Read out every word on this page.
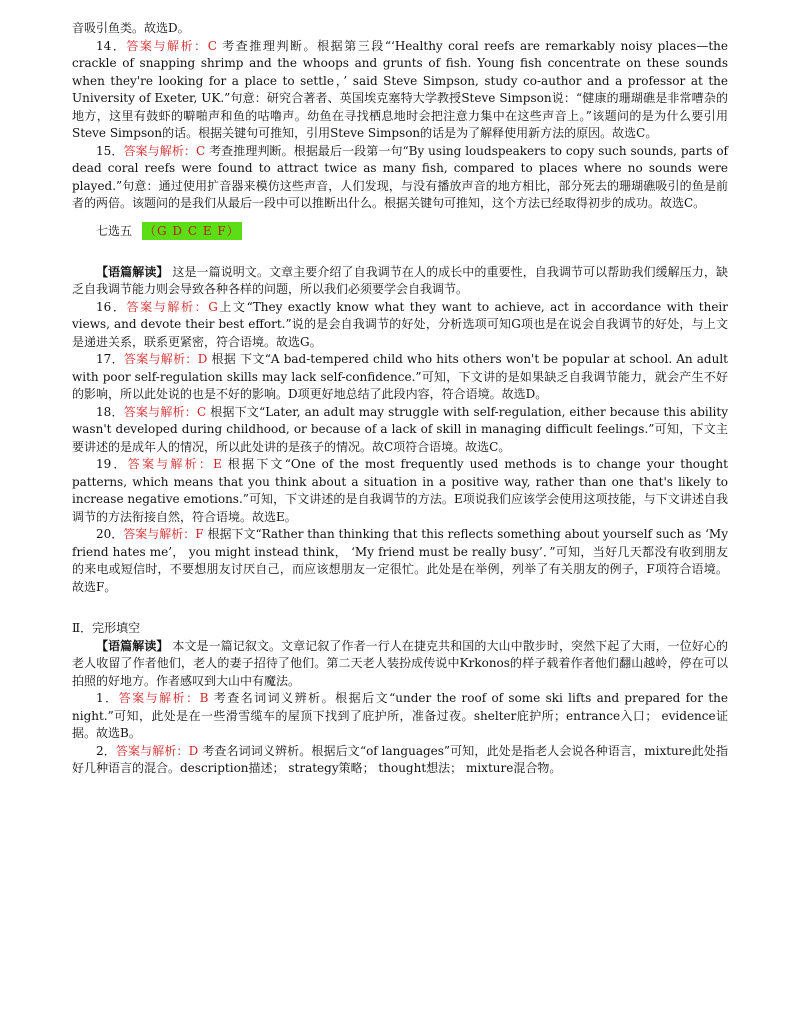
音吸引鱼类。故选D。

14．答案与解析：C 考查推理判断。根据第三段“‘Healthy coral reefs are remarkably noisy places—the crackle of snapping shrimp and the whoops and grunts of fish. Young fish concentrate on these sounds when they're looking for a place to settle，’ said Steve Simpson, study co-author and a professor at the University of Exeter, UK.”句意：研究合著者、英国埃克塞特大学教授Steve Simpson说：“健康的珊瑚礁是非常嘈杂的地方，这里有鼓虾的噼啪声和鱼的咕噜声。幼鱼在寻找栖息地时会把注意力集中在这些声音上。”该题问的是为什么要引用Steve Simpson的话。根据关键句可推知，引用Steve Simpson的话是为了解释使用新方法的原因。故选C。

15．答案与解析：C 考查推理判断。根据最后一段第一句“By using loudspeakers to copy such sounds, parts of dead coral reefs were found to attract twice as many fish, compared to places where no sounds were played.”句意：通过使用扩音器来模仿这些声音，人们发现，与没有播放声音的地方相比，部分死去的珊瑚礁吸引的鱼是前者的两倍。该题问的是我们从最后一段中可以推断出什么。根据关键句可推知，这个方法已经取得初步的成功。故选C。

七选五 （G D C E F）

【语篇解读】 这是一篇说明文。文章主要介绍了自我调节在人的成长中的重要性，自我调节可以帮助我们缓解压力，缺乏自我调节能力则会导致各种各样的问题，所以我们必须要学会自我调节。

16．答案与解析：G上文“They exactly know what they want to achieve, act in accordance with their views, and devote their best effort.”说的是会自我调节的好处，分析选项可知G项也是在说会自我调节的好处，与上文是递进关系，联系更紧密，符合语境。故选G。

17．答案与解析：D 根据 下文“A bad-tempered child who hits others won't be popular at school. An adult with poor self-regulation skills may lack self-confidence.”可知，下文讲的是如果缺乏自我调节能力，就会产生不好的影响，所以此处说的也是不好的影响。D项更好地总结了此段内容，符合语境。故选D。

18．答案与解析：C 根据下文“Later, an adult may struggle with self-regulation, either because this ability wasn't developed during childhood, or because of a lack of skill in managing difficult feelings.”可知，下文主要讲述的是成年人的情况，所以此处讲的是孩子的情况。故C项符合语境。故选C。

19．答案与解析：E 根据下文“One of the most frequently used methods is to change your thought patterns, which means that you think about a situation in a positive way, rather than one that's likely to increase negative emotions.”可知，下文讲述的是自我调节的方法。E项说我们应该学会使用这项技能，与下文讲述自我调节的方法衔接自然，符合语境。故选E。

20．答案与解析：F 根据下文“Rather than thinking that this reflects something about yourself such as ‘My friend hates me’， you might instead think， ‘My friend must be really busy’．”可知，当好几天都没有收到朋友的来电或短信时，不要想朋友讨厌自己，而应该想朋友一定很忙。此处是在举例，列举了有关朋友的例子，F项符合语境。故选F。

Ⅱ．完形填空

【语篇解读】 本文是一篇记叙文。文章记叙了作者一行人在捷克共和国的大山中散步时，突然下起了大雨，一位好心的老人收留了作者他们，老人的妻子招待了他们。第二天老人装扮成传说中Krkonos的样子载着作者他们翻山越岭，停在可以拍照的好地方。作者感叹到大山中有魔法。

1．答案与解析：B 考查名词词义辨析。根据后文“under the roof of some ski lifts and prepared for the night.”可知，此处是在一些滑雪缆车的屋顶下找到了庇护所，准备过夜。shelter庇护所；entrance入口； evidence证据。故选B。

2．答案与解析：D 考查名词词义辨析。根据后文“of languages”可知，此处是指老人会说各种语言，mixture此处指好几种语言的混合。description描述； strategy策略； thought想法； mixture混合物。
